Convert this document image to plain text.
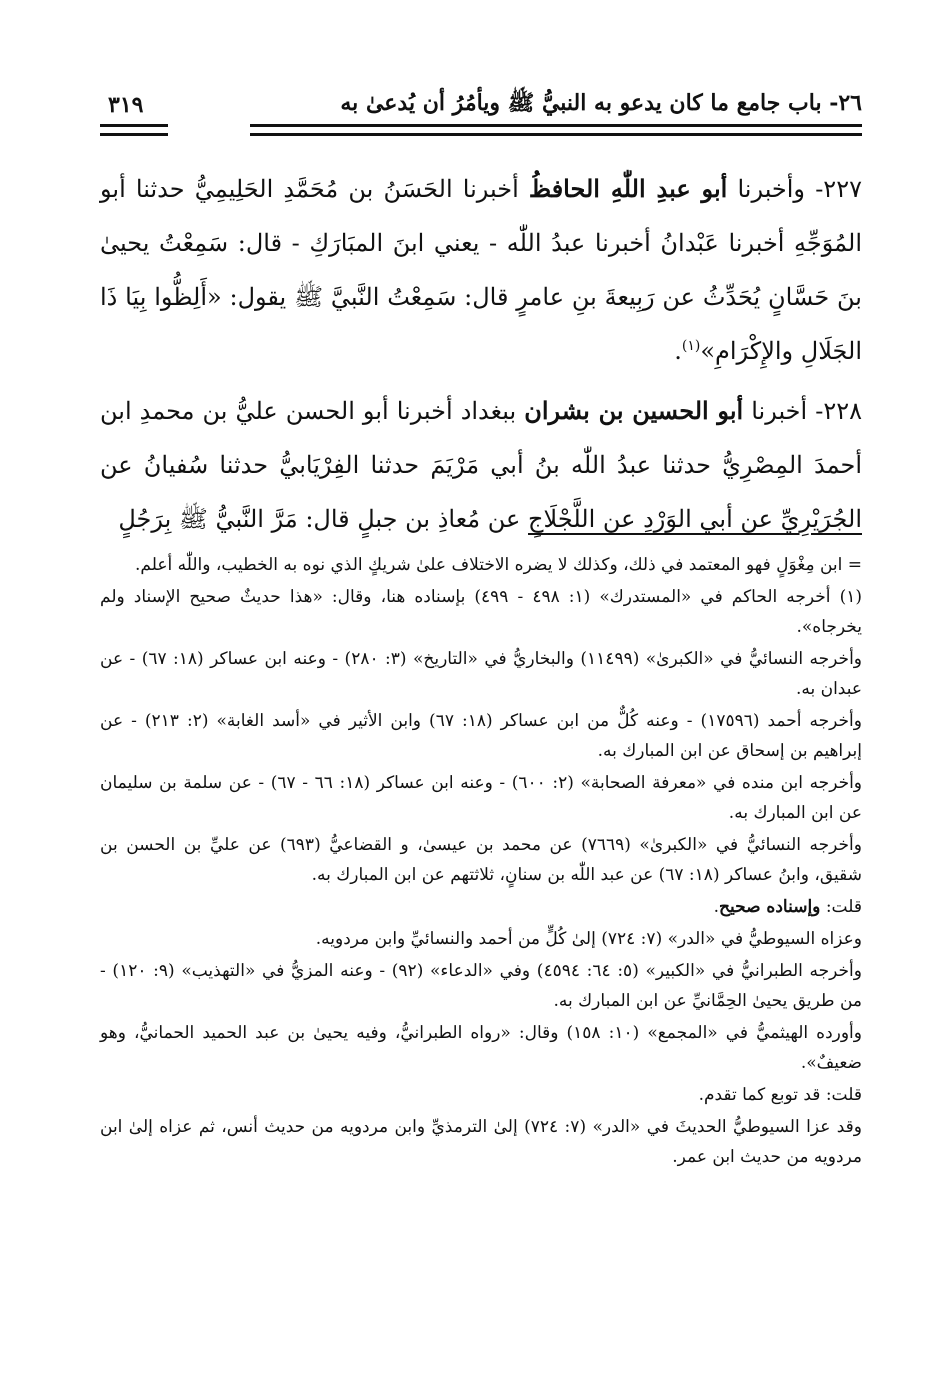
٢٦- باب جامع ما كان يدعو به النبيُّ ﷺ ويأمُرُ أن يُدعىٰ به
٣١٩

٢٢٧- وأخبرنا أبو عبدِ اللّٰهِ الحافظُ أخبرنا الحَسَنُ بن مُحَمَّدِ الحَلِيمِيُّ حدثنا أبو المُوَجِّهِ أخبرنا عَبْدانُ أخبرنا عبدُ اللّٰه - يعني ابنَ المبَارَكِ - قال: سَمِعْتُ يحيىٰ بنَ حَسَّانٍ يُحَدِّثُ عن رَبِيعةَ بنِ عامرٍ قال: سَمِعْتُ النَّبيَّ ﷺ يقول: «أَلِظُّوا بِيَا ذَا الجَلَالِ والإِكْرَامِ»$^{(١)}$.

٢٢٨- أخبرنا أبو الحسين بن بشران ببغداد أخبرنا أبو الحسن عليُّ بن محمدِ ابن أحمدَ المِصْرِيُّ حدثنا عبدُ اللّٰه بنُ أبي مَرْيَمَ حدثنا الفِرْيَابيُّ حدثنا سُفيانُ عن الجُرَيْرِيِّ عن أبي الوَرْدِ عن اللَّجْلَاجِ عن مُعاذِ بن جبلٍ قال: مَرَّ النَّبيُّ ﷺ بِرَجُلٍ

= ابن مِغْوَلٍ فهو المعتمد في ذلك، وكذلك لا يضره الاختلاف علىٰ شريكٍ الذي نوه به الخطيب، واللّٰه أعلم.

(١) أخرجه الحاكم في «المستدرك» (١: ٤٩٨ - ٤٩٩) بإسناده هنا، وقال: «هذا حديثٌ صحيح الإسناد ولم يخرجاه».

وأخرجه النسائيُّ في «الكبرىٰ» (١١٤٩٩) والبخاريُّ في «التاريخ» (٣: ٢٨٠) - وعنه ابن عساكر (١٨: ٦٧) - عن عبدان به.

وأخرجه أحمد (١٧٥٩٦) - وعنه كُلٌّ من ابن عساكر (١٨: ٦٧) وابن الأثير في «أسد الغابة» (٢: ٢١٣) - عن إبراهيم بن إسحاق عن ابن المبارك به.

وأخرجه ابن منده في «معرفة الصحابة» (٢: ٦٠٠) - وعنه ابن عساكر (١٨: ٦٦ - ٦٧) - عن سلمة بن سليمان عن ابن المبارك به.

وأخرجه النسائيُّ في «الكبرىٰ» (٧٦٦٩) عن محمد بن عيسىٰ، و القضاعيُّ (٦٩٣) عن عليِّ بن الحسن بن شقيق، وابنُ عساكر (١٨: ٦٧) عن عبد اللّٰه بن سنانٍ، ثلاثتهم عن ابن المبارك به.

قلت: وإسناده صحيح.

وعزاه السيوطيُّ في «الدر» (٧: ٧٢٤) إلىٰ كُلٍّ من أحمد والنسائيِّ وابن مردويه.

وأخرجه الطبرانيُّ في «الكبير» (٥: ٦٤: ٤٥٩٤) وفي «الدعاء» (٩٢) - وعنه المزيُّ في «التهذيب» (٩: ١٢٠) - من طريق يحيىٰ الحِمَّانيِّ عن ابن المبارك به.

وأورده الهيثميُّ في «المجمع» (١٠: ١٥٨) وقال: «رواه الطبرانيُّ، وفيه يحيىٰ بن عبد الحميد الحمانيُّ، وهو ضعيفٌ».

قلت: قد توبع كما تقدم.

وقد عزا السيوطيُّ الحديثَ في «الدر» (٧: ٧٢٤) إلىٰ الترمذيِّ وابن مردويه من حديث أنس، ثم عزاه إلىٰ ابن مردويه من حديث ابن عمر.
